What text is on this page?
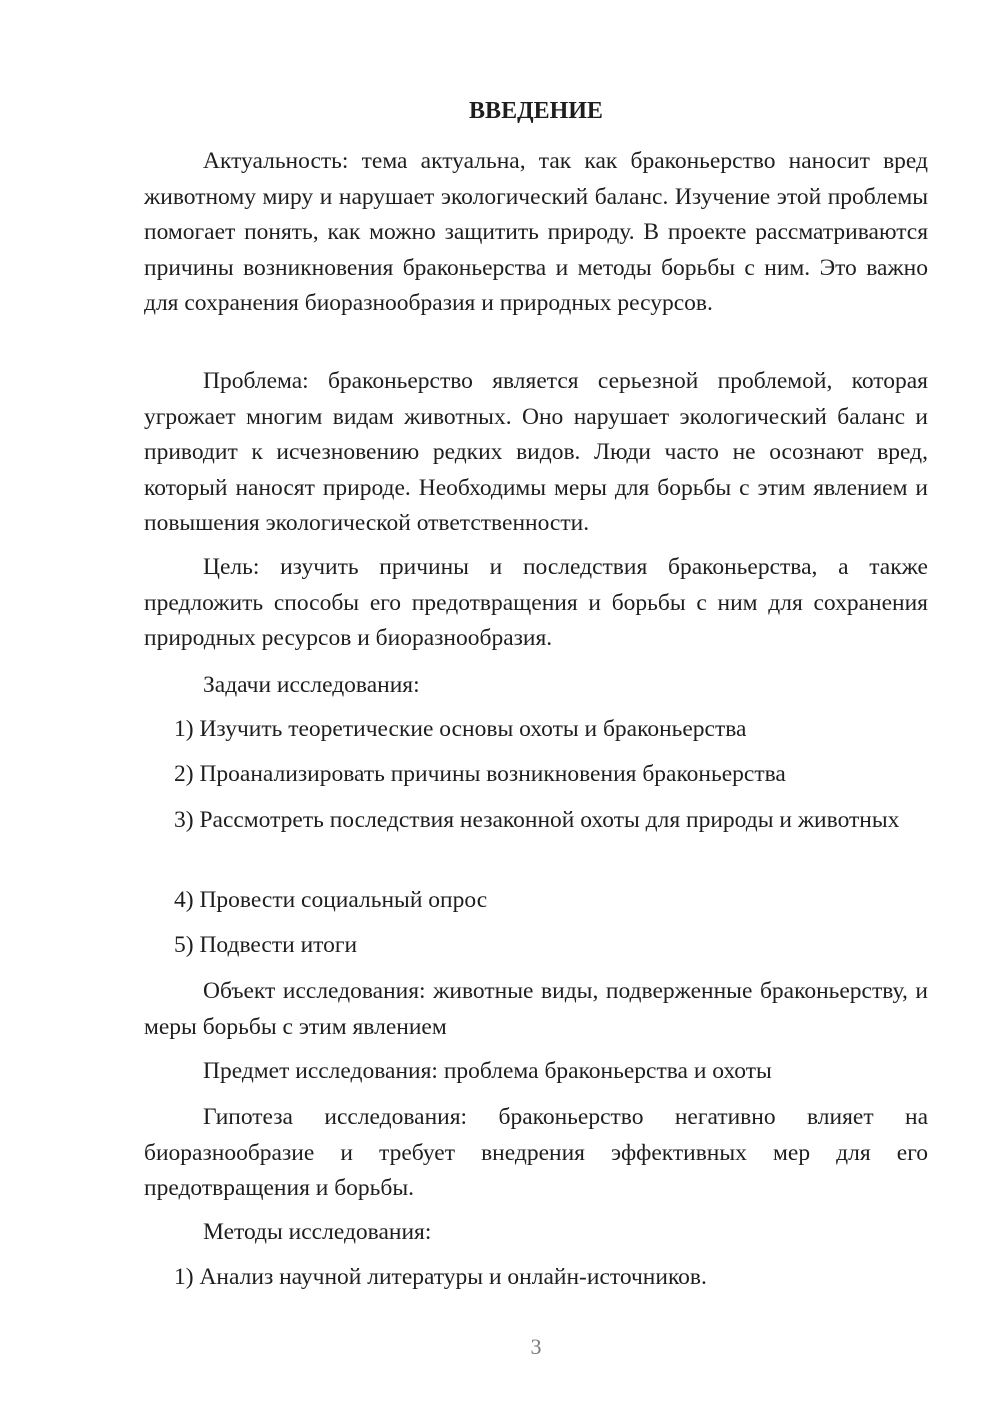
ВВЕДЕНИЕ
Актуальность: тема актуальна, так как браконьерство наносит вред животному миру и нарушает экологический баланс. Изучение этой проблемы помогает понять, как можно защитить природу. В проекте рассматриваются причины возникновения браконьерства и методы борьбы с ним. Это важно для сохранения биоразнообразия и природных ресурсов.
Проблема: браконьерство является серьезной проблемой, которая угрожает многим видам животных. Оно нарушает экологический баланс и приводит к исчезновению редких видов. Люди часто не осознают вред, который наносят природе. Необходимы меры для борьбы с этим явлением и повышения экологической ответственности.
Цель: изучить причины и последствия браконьерства, а также предложить способы его предотвращения и борьбы с ним для сохранения природных ресурсов и биоразнообразия.
Задачи исследования:
1) Изучить теоретические основы охоты и браконьерства
2) Проанализировать причины возникновения браконьерства
3) Рассмотреть последствия незаконной охоты для природы и животных
4) Провести социальный опрос
5) Подвести итоги
Объект исследования: животные виды, подверженные браконьерству, и меры борьбы с этим явлением
Предмет исследования: проблема браконьерства и охоты
Гипотеза исследования: браконьерство негативно влияет на биоразнообразие и требует внедрения эффективных мер для его предотвращения и борьбы.
Методы исследования:
1) Анализ научной литературы и онлайн-источников.
3
